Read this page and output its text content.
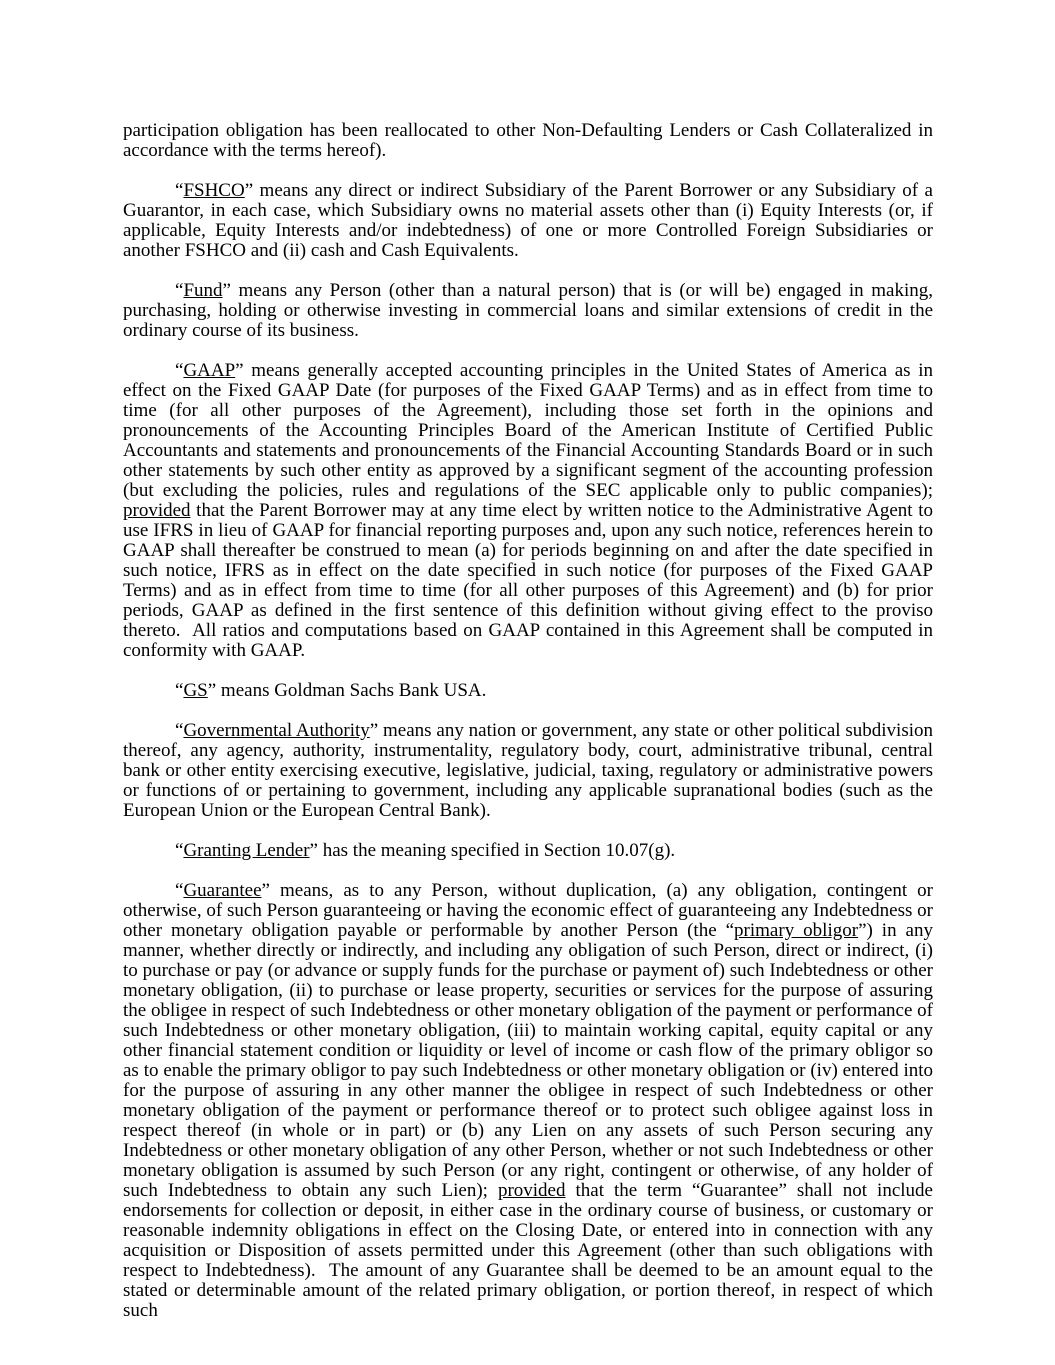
participation obligation has been reallocated to other Non-Defaulting Lenders or Cash Collateralized in accordance with the terms hereof).

“FSHCO” means any direct or indirect Subsidiary of the Parent Borrower or any Subsidiary of a Guarantor, in each case, which Subsidiary owns no material assets other than (i) Equity Interests (or, if applicable, Equity Interests and/or indebtedness) of one or more Controlled Foreign Subsidiaries or another FSHCO and (ii) cash and Cash Equivalents.

“Fund” means any Person (other than a natural person) that is (or will be) engaged in making, purchasing, holding or otherwise investing in commercial loans and similar extensions of credit in the ordinary course of its business.

“GAAP” means generally accepted accounting principles in the United States of America as in effect on the Fixed GAAP Date (for purposes of the Fixed GAAP Terms) and as in effect from time to time (for all other purposes of the Agreement), including those set forth in the opinions and pronouncements of the Accounting Principles Board of the American Institute of Certified Public Accountants and statements and pronouncements of the Financial Accounting Standards Board or in such other statements by such other entity as approved by a significant segment of the accounting profession (but excluding the policies, rules and regulations of the SEC applicable only to public companies); provided that the Parent Borrower may at any time elect by written notice to the Administrative Agent to use IFRS in lieu of GAAP for financial reporting purposes and, upon any such notice, references herein to GAAP shall thereafter be construed to mean (a) for periods beginning on and after the date specified in such notice, IFRS as in effect on the date specified in such notice (for purposes of the Fixed GAAP Terms) and as in effect from time to time (for all other purposes of this Agreement) and (b) for prior periods, GAAP as defined in the first sentence of this definition without giving effect to the proviso thereto.  All ratios and computations based on GAAP contained in this Agreement shall be computed in conformity with GAAP.

“GS” means Goldman Sachs Bank USA.

“Governmental Authority” means any nation or government, any state or other political subdivision thereof, any agency, authority, instrumentality, regulatory body, court, administrative tribunal, central bank or other entity exercising executive, legislative, judicial, taxing, regulatory or administrative powers or functions of or pertaining to government, including any applicable supranational bodies (such as the European Union or the European Central Bank).

“Granting Lender” has the meaning specified in Section 10.07(g).

“Guarantee” means, as to any Person, without duplication, (a) any obligation, contingent or otherwise, of such Person guaranteeing or having the economic effect of guaranteeing any Indebtedness or other monetary obligation payable or performable by another Person (the “primary obligor”) in any manner, whether directly or indirectly, and including any obligation of such Person, direct or indirect, (i) to purchase or pay (or advance or supply funds for the purchase or payment of) such Indebtedness or other monetary obligation, (ii) to purchase or lease property, securities or services for the purpose of assuring the obligee in respect of such Indebtedness or other monetary obligation of the payment or performance of such Indebtedness or other monetary obligation, (iii) to maintain working capital, equity capital or any other financial statement condition or liquidity or level of income or cash flow of the primary obligor so as to enable the primary obligor to pay such Indebtedness or other monetary obligation or (iv) entered into for the purpose of assuring in any other manner the obligee in respect of such Indebtedness or other monetary obligation of the payment or performance thereof or to protect such obligee against loss in respect thereof (in whole or in part) or (b) any Lien on any assets of such Person securing any Indebtedness or other monetary obligation of any other Person, whether or not such Indebtedness or other monetary obligation is assumed by such Person (or any right, contingent or otherwise, of any holder of such Indebtedness to obtain any such Lien); provided that the term “Guarantee” shall not include endorsements for collection or deposit, in either case in the ordinary course of business, or customary or reasonable indemnity obligations in effect on the Closing Date, or entered into in connection with any acquisition or Disposition of assets permitted under this Agreement (other than such obligations with respect to Indebtedness).  The amount of any Guarantee shall be deemed to be an amount equal to the stated or determinable amount of the related primary obligation, or portion thereof, in respect of which such
